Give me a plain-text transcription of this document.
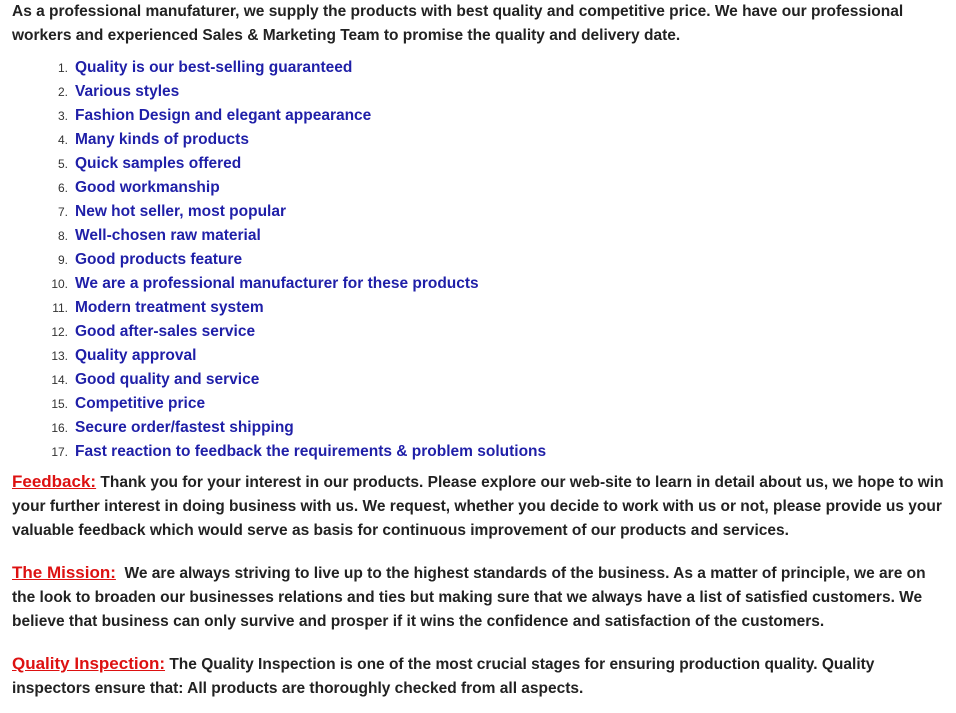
As a professional manufaturer, we supply the products with best quality and competitive price. We have our professional workers and experienced Sales & Marketing Team to promise the quality and delivery date.

1. Quality is our best-selling guaranteed
2. Various styles
3. Fashion Design and elegant appearance
4. Many kinds of products
5. Quick samples offered
6. Good workmanship
7. New hot seller, most popular
8. Well-chosen raw material
9. Good products feature
10. We are a professional manufacturer for these products
11. Modern treatment system
12. Good after-sales service
13. Quality approval
14. Good quality and service
15. Competitive price
16. Secure order/fastest shipping
17. Fast reaction to feedback the requirements & problem solutions

Feedback: Thank you for your interest in our products. Please explore our web-site to learn in detail about us, we hope to win your further interest in doing business with us. We request, whether you decide to work with us or not, please provide us your valuable feedback which would serve as basis for continuous improvement of our products and services.

The Mission: We are always striving to live up to the highest standards of the business. As a matter of principle, we are on the look to broaden our businesses relations and ties but making sure that we always have a list of satisfied customers. We believe that business can only survive and prosper if it wins the confidence and satisfaction of the customers.

Quality Inspection: The Quality Inspection is one of the most crucial stages for ensuring production quality. Quality inspectors ensure that: All products are thoroughly checked from all aspects.
